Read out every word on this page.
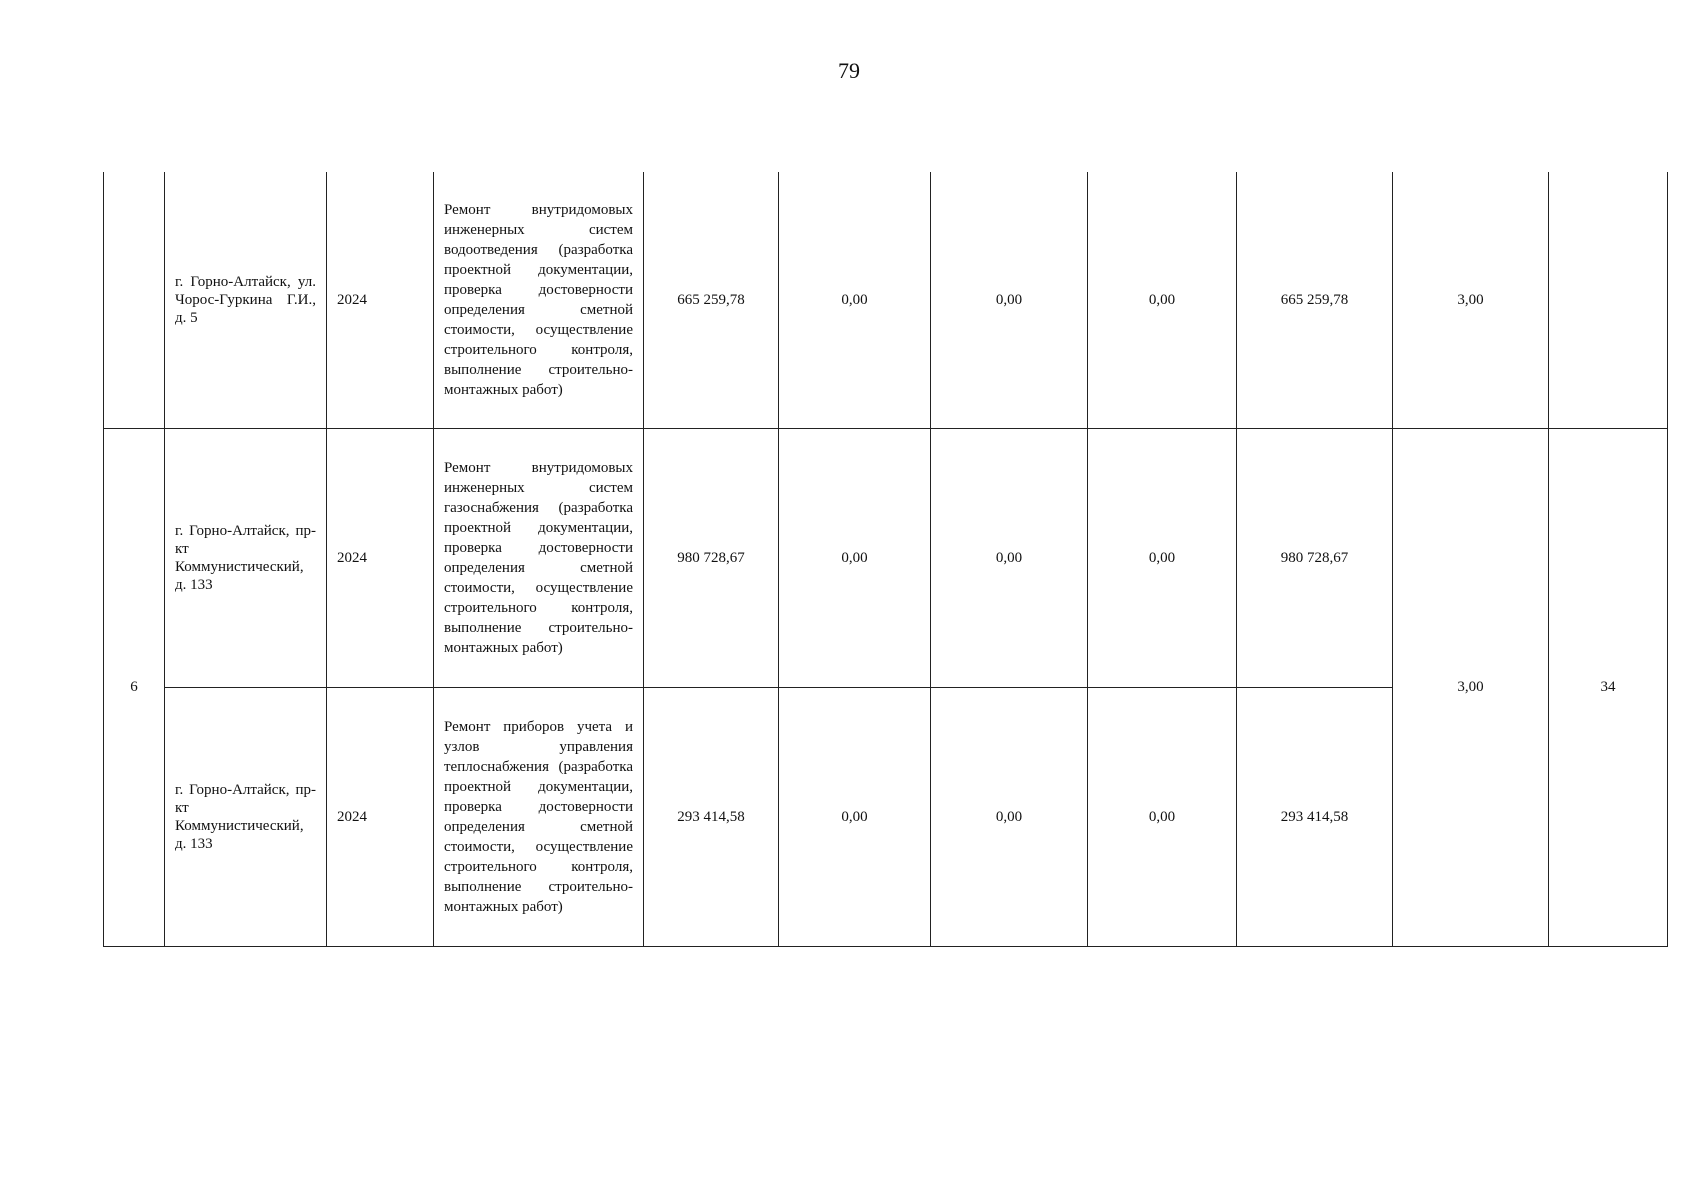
79
	г. Горно-Алтайск, ул. Чорос-Гуркина Г.И., д. 5	2024	Ремонт внутридомовых инженерных систем водоотведения (разработка проектной документации, проверка достоверности определения сметной стоимости, осуществление строительного контроля, выполнение строительно-монтажных работ)	665 259,78	0,00	0,00	0,00	665 259,78	3,00	
6	г. Горно-Алтайск, пр-кт Коммунистический, д. 133	2024	Ремонт внутридомовых инженерных систем газоснабжения (разработка проектной документации, проверка достоверности определения сметной стоимости, осуществление строительного контроля, выполнение строительно-монтажных работ)	980 728,67	0,00	0,00	0,00	980 728,67	3,00	34
	г. Горно-Алтайск, пр-кт Коммунистический, д. 133	2024	Ремонт приборов учета и узлов управления теплоснабжения (разработка проектной документации, проверка достоверности определения сметной стоимости, осуществление строительного контроля, выполнение строительно-монтажных работ)	293 414,58	0,00	0,00	0,00	293 414,58		
